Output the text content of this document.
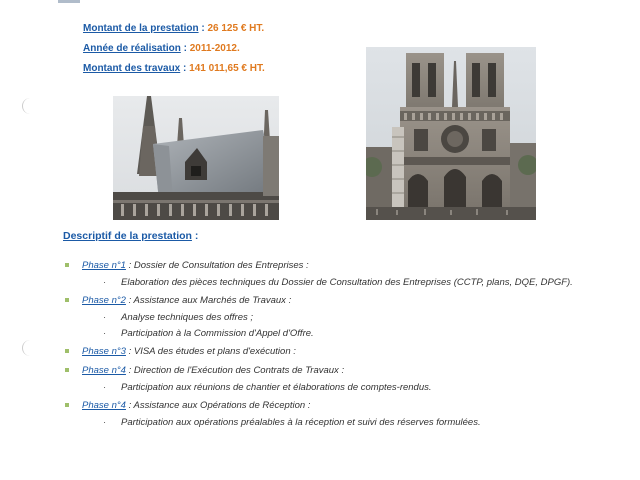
Montant de la prestation : 26 125 € HT.
Année de réalisation : 2011-2012.
Montant des travaux : 141 011,65 € HT.
Descriptif de la prestation :
Phase n°1 : Dossier de Consultation des Entreprises :
· Elaboration des pièces techniques du Dossier de Consultation des Entreprises (CCTP, plans, DQE, DPGF).
Phase n°2 : Assistance aux Marchés de Travaux :
· Analyse techniques des offres ;
· Participation à la Commission d'Appel d'Offre.
Phase n°3 : VISA des études et plans d'exécution :
Phase n°4 : Direction de l'Exécution des Contrats de Travaux :
· Participation aux réunions de chantier et élaborations de comptes-rendus.
Phase n°4 : Assistance aux Opérations de Réception :
· Participation aux opérations préalables à la réception et suivi des réserves formulées.
